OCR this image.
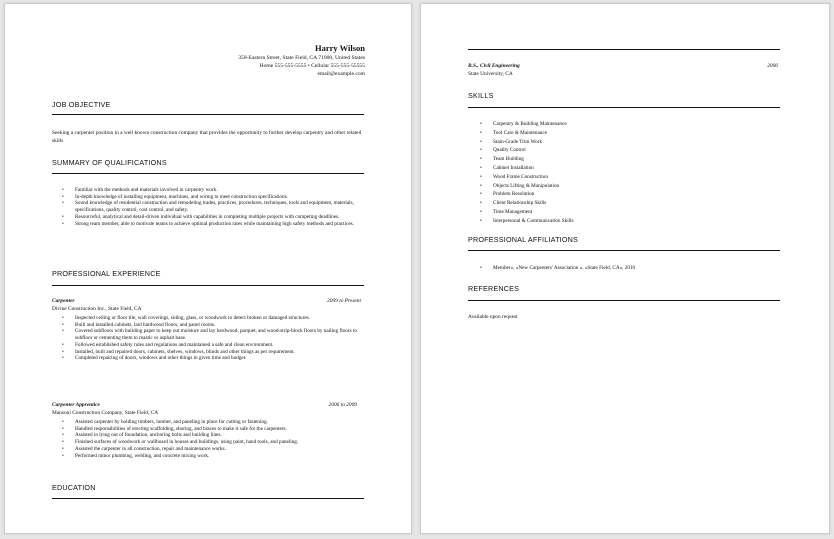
Harry Wilson
358-Eastern Street, State Field, CA 71000, United States
Home 555-555-5555 • Cellular 555-555-55555
email@example.com
JOB OBJECTIVE
Seeking a carpenter position in a well known construction company that provides the opportunity to further develop carpentry and other related skills
SUMMARY OF QUALIFICATIONS
• Familiar with the methods and materials involved in carpentry work.
• In-depth knowledge of installing equipment, machines, and wiring to meet construction specifications.
• Sound knowledge of residential construction and remodeling trades, practices, procedures, techniques, tools and equipment, materials, specifications, quality control, cost control, and safety.
• Resourceful, analytical and detail-driven individual with capabilities in completing multiple projects with competing deadlines.
• Strong team member, able to motivate teams to achieve optimal production rates while maintaining high safety methods and practices.
PROFESSIONAL EXPERIENCE
Carpenter	2009 to Present
Divine Construction Inc., State Field, CA
• Inspected ceiling or floor tile, wall coverings, siding, glass, or woodwork to detect broken or damaged structures.
• Built and installed cabinets, laid hardwood floors, and panel rooms.
• Covered subfloors with building paper to keep out moisture and lay hardwood, parquet, and wood-strip-block floors by nailing floors to subfloor or cementing them to mastic or asphalt base.
• Followed established safety rules and regulations and maintained a safe and clean environment.
• Installed, built and repaired doors, cabinets, shelves, windows, blinds and other things as per requirement.
• Completed repairing of doors, windows and other things in given time and budget.
Carpenter Apprentice	2006 to 2009
Mansoni Construction Company, State Field, CA
• Assisted carpenter by holding timbers, lumber, and paneling in place for cutting or fastening.
• Handled responsibilities of erecting scaffolding, shoring, and braces to make it safe for the carpenters.
• Assisted in lying out of foundation, anchoring bolts and building lines.
• Finished surfaces of woodwork or wallboard in houses and buildings, using paint, hand tools, and paneling.
• Assisted the carpenter in all construction, repair and maintenance works.
• Performed minor plumbing, welding, and concrete mixing work.
EDUCATION
B.S., Civil Engineering	2006
State University, CA
SKILLS
• Carpentry & Building Maintenance
• Tool Care & Maintenance
• Stain-Grade Trim Work
• Quality Control
• Team Building
• Cabinet Installation
• Wood Frame Construction
• Objects Lifting & Manipulation
• Problem Resolution
• Client Relationship Skills
• Time Management
• Interpersonal & Communication Skills
PROFESSIONAL AFFILIATIONS
• Member», «New Carpenters' Association », «State Field, CA», 2010
REFERENCES
Available upon request
